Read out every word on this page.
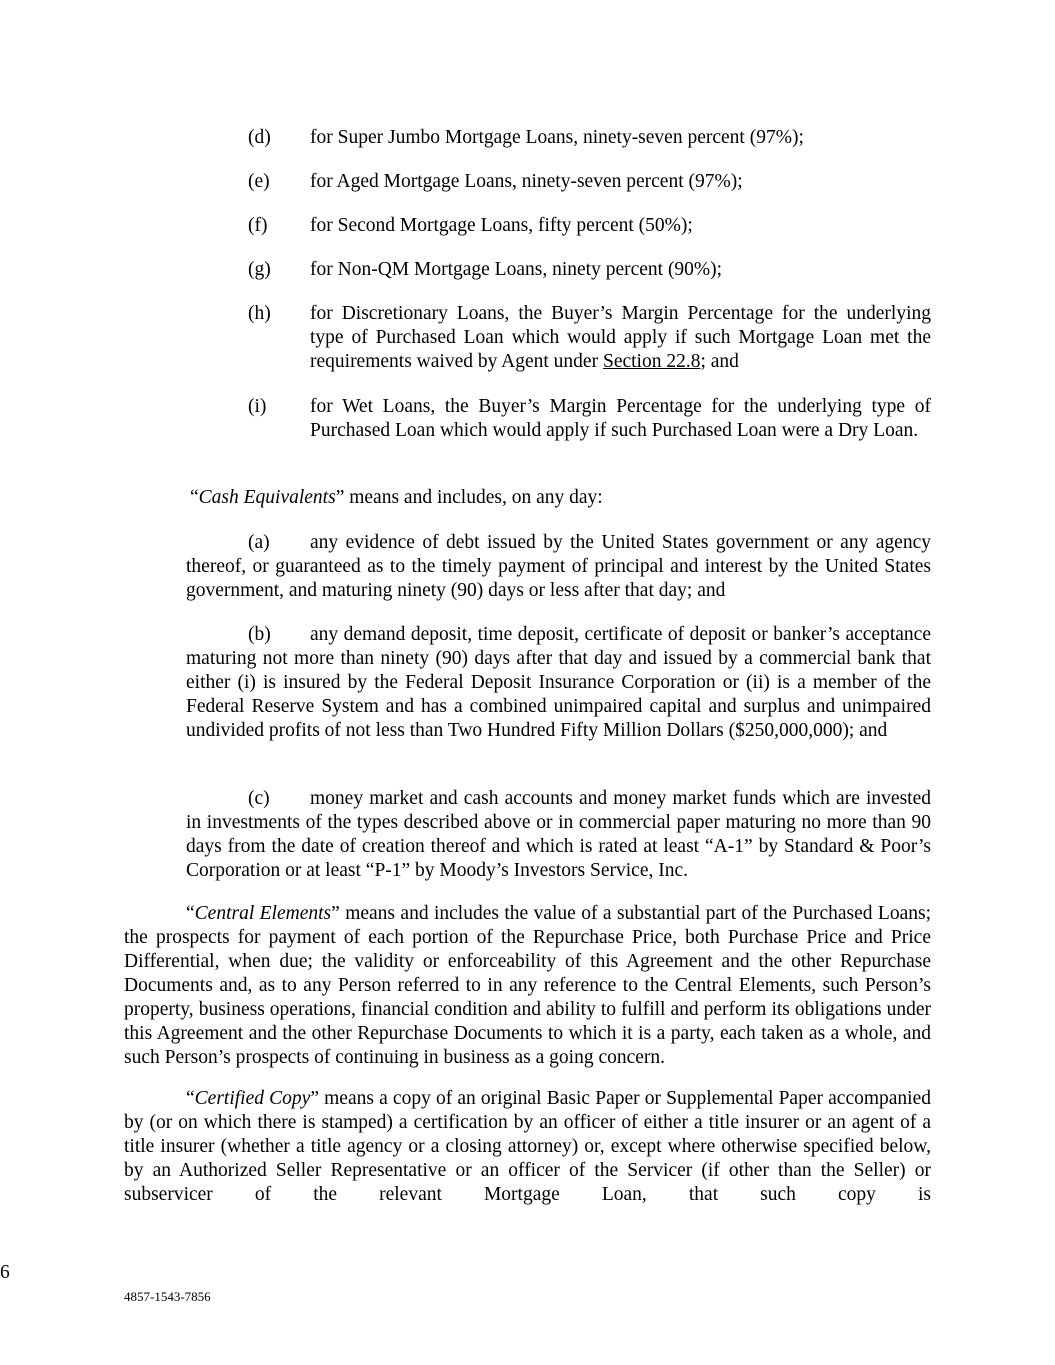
(d)	for Super Jumbo Mortgage Loans, ninety-seven percent (97%);
(e)	for Aged Mortgage Loans, ninety-seven percent (97%);
(f)	for Second Mortgage Loans, fifty percent (50%);
(g)	for Non-QM Mortgage Loans, ninety percent (90%);
(h)	for Discretionary Loans, the Buyer’s Margin Percentage for the underlying type of Purchased Loan which would apply if such Mortgage Loan met the requirements waived by Agent under Section 22.8; and
(i)	for Wet Loans, the Buyer’s Margin Percentage for the underlying type of Purchased Loan which would apply if such Purchased Loan were a Dry Loan.
“Cash Equivalents” means and includes, on any day:
(a) any evidence of debt issued by the United States government or any agency thereof, or guaranteed as to the timely payment of principal and interest by the United States government, and maturing ninety (90) days or less after that day; and
(b) any demand deposit, time deposit, certificate of deposit or banker’s acceptance maturing not more than ninety (90) days after that day and issued by a commercial bank that either (i) is insured by the Federal Deposit Insurance Corporation or (ii) is a member of the Federal Reserve System and has a combined unimpaired capital and surplus and unimpaired undivided profits of not less than Two Hundred Fifty Million Dollars ($250,000,000); and
(c) money market and cash accounts and money market funds which are invested in investments of the types described above or in commercial paper maturing no more than 90 days from the date of creation thereof and which is rated at least “A-1” by Standard & Poor’s Corporation or at least “P-1” by Moody’s Investors Service, Inc.
“Central Elements” means and includes the value of a substantial part of the Purchased Loans; the prospects for payment of each portion of the Repurchase Price, both Purchase Price and Price Differential, when due; the validity or enforceability of this Agreement and the other Repurchase Documents and, as to any Person referred to in any reference to the Central Elements, such Person’s property, business operations, financial condition and ability to fulfill and perform its obligations under this Agreement and the other Repurchase Documents to which it is a party, each taken as a whole, and such Person’s prospects of continuing in business as a going concern.
“Certified Copy” means a copy of an original Basic Paper or Supplemental Paper accompanied by (or on which there is stamped) a certification by an officer of either a title insurer or an agent of a title insurer (whether a title agency or a closing attorney) or, except where otherwise specified below, by an Authorized Seller Representative or an officer of the Servicer (if other than the Seller) or subservicer of the relevant Mortgage Loan, that such copy is
6
4857-1543-7856
